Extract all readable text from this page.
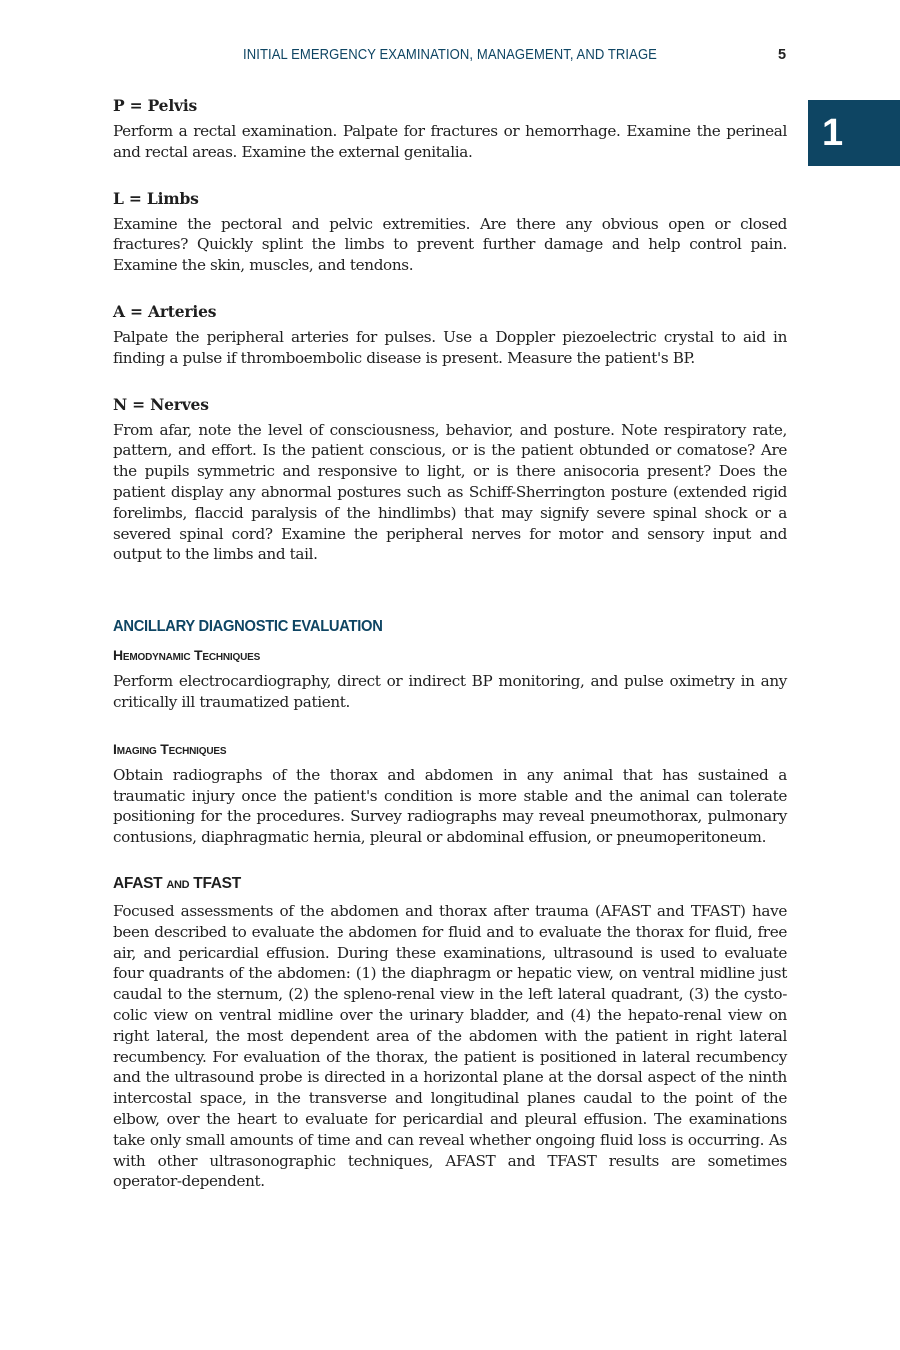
INITIAL EMERGENCY EXAMINATION, MANAGEMENT, AND TRIAGE	5
1
P = Pelvis

Perform a rectal examination. Palpate for fractures or hemorrhage. Examine the perineal and rectal areas. Examine the external genitalia.

L = Limbs

Examine the pectoral and pelvic extremities. Are there any obvious open or closed fractures? Quickly splint the limbs to prevent further damage and help control pain. Examine the skin, muscles, and tendons.

A = Arteries

Palpate the peripheral arteries for pulses. Use a Doppler piezoelectric crystal to aid in finding a pulse if thromboembolic disease is present. Measure the patient's BP.

N = Nerves

From afar, note the level of consciousness, behavior, and posture. Note respiratory rate, pattern, and effort. Is the patient conscious, or is the patient obtunded or comatose? Are the pupils symmetric and responsive to light, or is there anisocoria present? Does the patient display any abnormal postures such as Schiff-Sherrington posture (extended rigid forelimbs, flaccid paralysis of the hindlimbs) that may signify severe spinal shock or a severed spinal cord? Examine the peripheral nerves for motor and sensory input and output to the limbs and tail.

ANCILLARY DIAGNOSTIC EVALUATION
Hemodynamic Techniques

Perform electrocardiography, direct or indirect BP monitoring, and pulse oximetry in any critically ill traumatized patient.

Imaging Techniques

Obtain radiographs of the thorax and abdomen in any animal that has sustained a traumatic injury once the patient's condition is more stable and the animal can tolerate positioning for the procedures. Survey radiographs may reveal pneumothorax, pulmonary contusions, diaphragmatic hernia, pleural or abdominal effusion, or pneumoperitoneum.

AFAST AND TFAST

Focused assessments of the abdomen and thorax after trauma (AFAST and TFAST) have been described to evaluate the abdomen for fluid and to evaluate the thorax for fluid, free air, and pericardial effusion. During these examinations, ultrasound is used to evaluate four quadrants of the abdomen: (1) the diaphragm or hepatic view, on ventral midline just caudal to the sternum, (2) the spleno-renal view in the left lateral quadrant, (3) the cysto-colic view on ventral midline over the urinary bladder, and (4) the hepato-renal view on right lateral, the most dependent area of the abdomen with the patient in right lateral recumbency. For evaluation of the thorax, the patient is positioned in lateral recumbency and the ultrasound probe is directed in a horizontal plane at the dorsal aspect of the ninth intercostal space, in the transverse and longitudinal planes caudal to the point of the elbow, over the heart to evaluate for pericardial and pleural effusion. The examinations take only small amounts of time and can reveal whether ongoing fluid loss is occurring. As with other ultrasonographic techniques, AFAST and TFAST results are sometimes operator-dependent.
